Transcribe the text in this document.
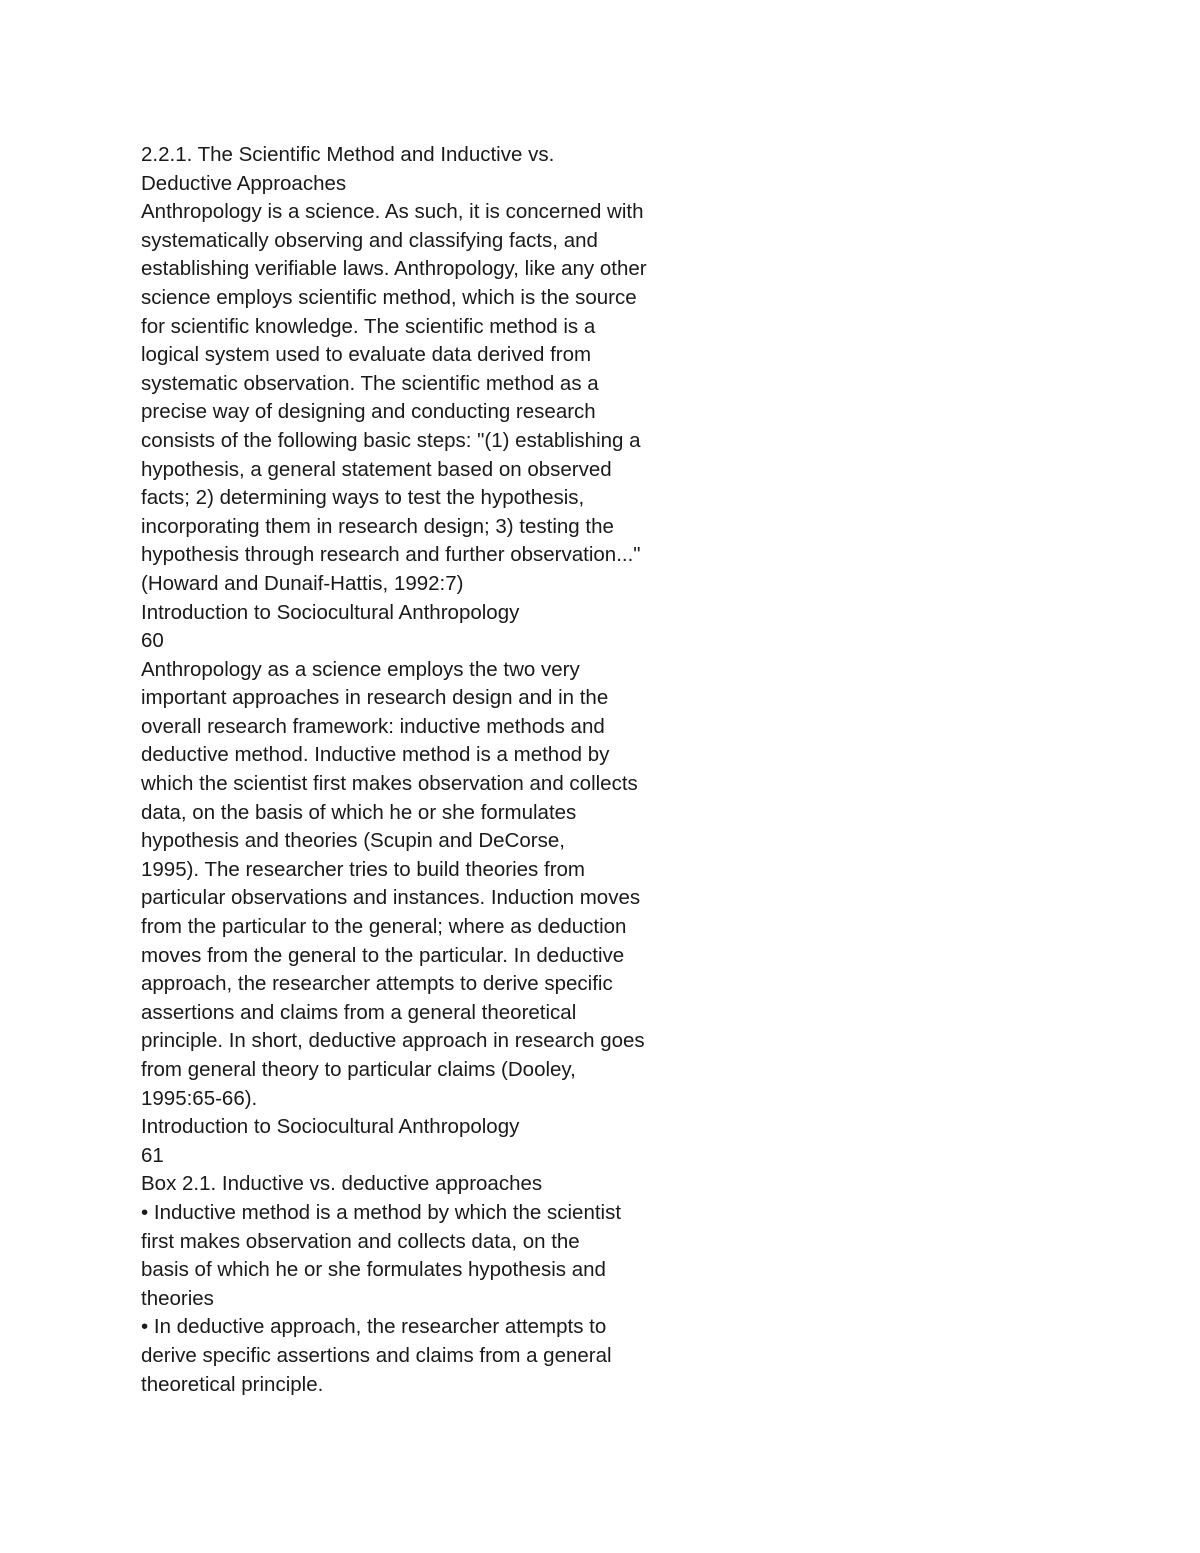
2.2.1. The Scientific Method and Inductive vs.
Deductive Approaches
Anthropology is a science. As such, it is concerned with
systematically observing and classifying facts, and
establishing verifiable laws. Anthropology, like any other
science employs scientific method, which is the source
for scientific knowledge. The scientific method is a
logical system used to evaluate data derived from
systematic observation. The scientific method as a
precise way of designing and conducting research
consists of the following basic steps: "(1) establishing a
hypothesis, a general statement based on observed
facts; 2) determining ways to test the hypothesis,
incorporating them in research design; 3) testing the
hypothesis through research and further observation..."
(Howard and Dunaif-Hattis, 1992:7)
Introduction to Sociocultural Anthropology
60
Anthropology as a science employs the two very
important approaches in research design and in the
overall research framework: inductive methods and
deductive method. Inductive method is a method by
which the scientist first makes observation and collects
data, on the basis of which he or she formulates
hypothesis and theories (Scupin and DeCorse,
1995). The researcher tries to build theories from
particular observations and instances. Induction moves
from the particular to the general; where as deduction
moves from the general to the particular. In deductive
approach, the researcher attempts to derive specific
assertions and claims from a general theoretical
principle. In short, deductive approach in research goes
from general theory to particular claims (Dooley,
1995:65-66).
Introduction to Sociocultural Anthropology
61
Box 2.1. Inductive vs. deductive approaches
• Inductive method is a method by which the scientist
first makes observation and collects data, on the
basis of which he or she formulates hypothesis and
theories
• In deductive approach, the researcher attempts to
derive specific assertions and claims from a general
theoretical principle.
